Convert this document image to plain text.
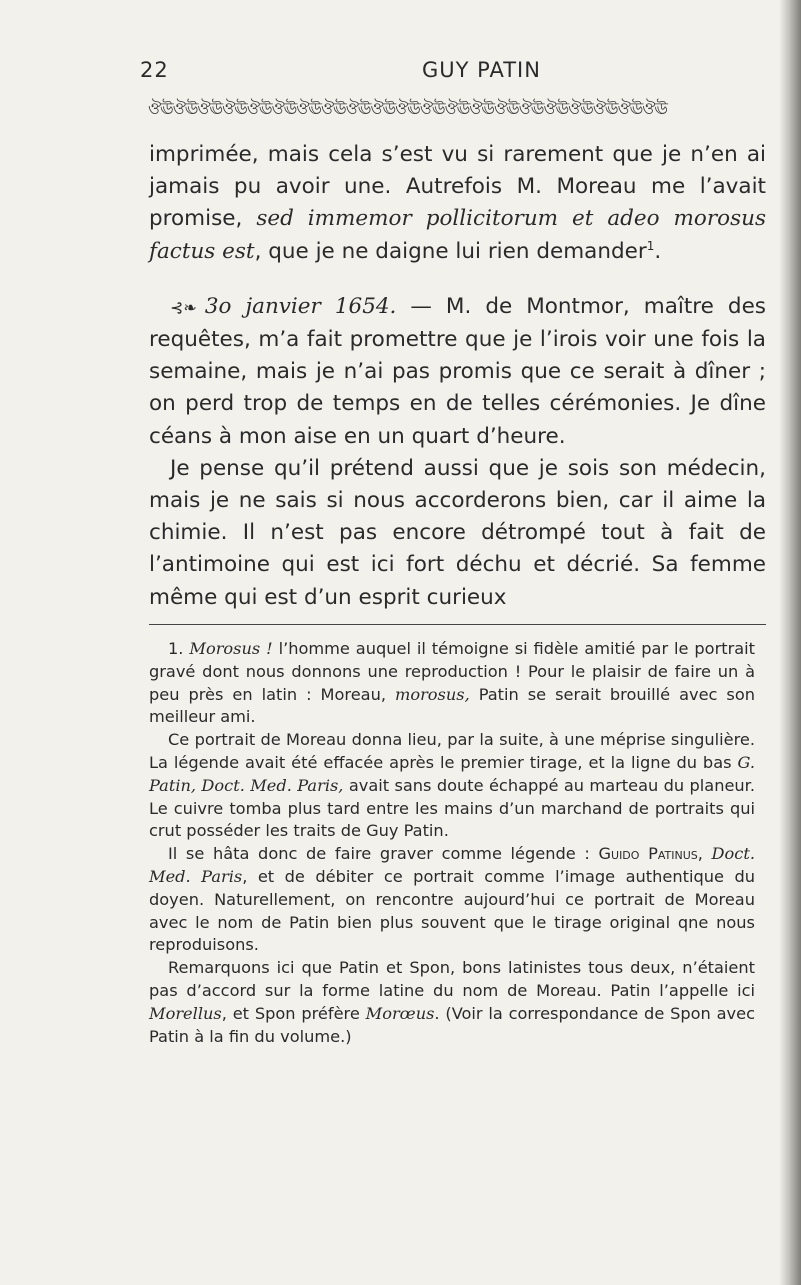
22	GUY PATIN
ঔঊঔঊঔঊঔঊঔঊঔঊঔঊঔঊঔঊঔঊঔঊঔঊঔঊঔঊঔঊঔঊঔঊঔঊঔঊঔঊঔঊ

imprimée, mais cela s’est vu si rarement que je n’en ai jamais pu avoir une. Autrefois M. Moreau me l’avait promise, sed immemor pollicitorum et adeo morosus factus est, que je ne daigne lui rien demander$^1$.

⊰❧ 3o janvier 1654. — M. de Montmor, maître des requêtes, m’a fait promettre que je l’irois voir une fois la semaine, mais je n’ai pas promis que ce serait à dîner ; on perd trop de temps en de telles cérémonies. Je dîne céans à mon aise en un quart d’heure.

Je pense qu’il prétend aussi que je sois son médecin, mais je ne sais si nous accorderons bien, car il aime la chimie. Il n’est pas encore détrompé tout à fait de l’antimoine qui est ici fort déchu et décrié. Sa femme même qui est d’un esprit curieux

1. Morosus ! l’homme auquel il témoigne si fidèle amitié par le portrait gravé dont nous donnons une reproduction ! Pour le plaisir de faire un à peu près en latin : Moreau, morosus, Patin se serait brouillé avec son meilleur ami.

Ce portrait de Moreau donna lieu, par la suite, à une méprise singulière. La légende avait été effacée après le premier tirage, et la ligne du bas G. Patin, Doct. Med. Paris, avait sans doute échappé au marteau du planeur. Le cuivre tomba plus tard entre les mains d’un marchand de portraits qui crut posséder les traits de Guy Patin.

Il se hâta donc de faire graver comme légende : Guido Patinus, Doct. Med. Paris, et de débiter ce portrait comme l’image authentique du doyen. Naturellement, on rencontre aujourd’hui ce portrait de Moreau avec le nom de Patin bien plus souvent que le tirage original qne nous reproduisons.

Remarquons ici que Patin et Spon, bons latinistes tous deux, n’étaient pas d’accord sur la forme latine du nom de Moreau. Patin l’appelle ici Morellus, et Spon préfère Morœus. (Voir la correspondance de Spon avec Patin à la fin du volume.)
